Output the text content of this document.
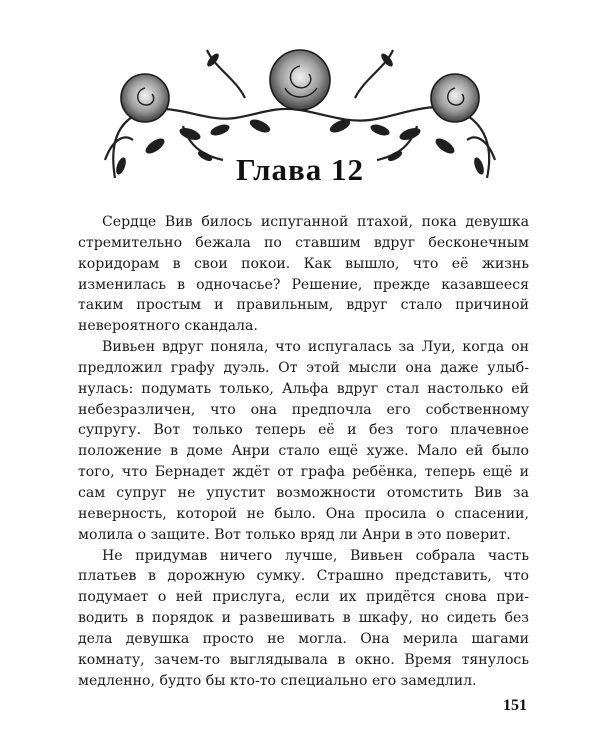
Глава 12

Сердце Вив билось испуганной птахой, пока девушка стремительно бежала по ставшим вдруг бесконечным коридорам в свои покои. Как вышло, что её жизнь изменилась в одночасье? Решение, прежде казавшееся таким простым и правильным, вдруг стало причиной невероятного скандала.

Вивьен вдруг поняла, что испугалась за Луи, когда он предложил графу дуэль. От этой мысли она даже улыбнулась: подумать только, Альфа вдруг стал настолько ей небезразличен, что она предпочла его собственному супругу. Вот только теперь её и без того плачевное положение в доме Анри стало ещё хуже. Мало ей было того, что Бернадет ждёт от графа ребёнка, теперь ещё и сам супруг не упустит возможности отомстить Вив за неверность, которой не было. Она просила о спасении, молила о защите. Вот только вряд ли Анри в это поверит.

Не придумав ничего лучше, Вивьен собрала часть платьев в дорожную сумку. Страшно представить, что подумает о ней прислуга, если их придётся снова приводить в порядок и развешивать в шкафу, но сидеть без дела девушка просто не могла. Она мерила шагами комнату, зачем-то выглядывала в окно. Время тянулось медленно, будто бы кто-то специально его замедлил.

151
